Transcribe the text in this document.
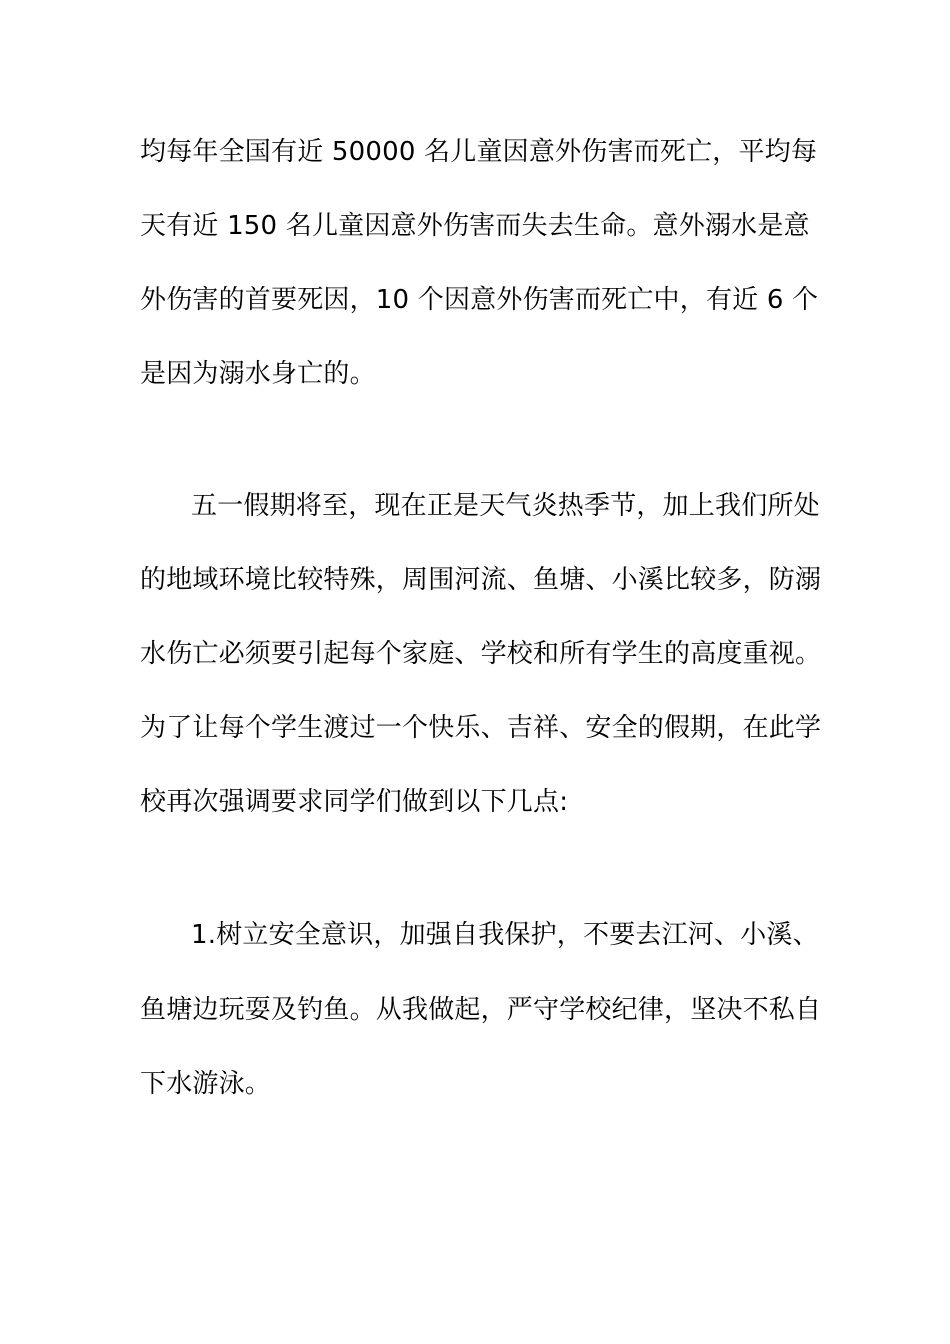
均每年全国有近 50000 名儿童因意外伤害而死亡，平均每
天有近 150 名儿童因意外伤害而失去生命。意外溺水是意
外伤害的首要死因，10 个因意外伤害而死亡中，有近 6 个
是因为溺水身亡的。
五一假期将至，现在正是天气炎热季节，加上我们所处
的地域环境比较特殊，周围河流、鱼塘、小溪比较多，防溺
水伤亡必须要引起每个家庭、学校和所有学生的高度重视。
为了让每个学生渡过一个快乐、吉祥、安全的假期，在此学
校再次强调要求同学们做到以下几点:
1.树立安全意识，加强自我保护，不要去江河、小溪、
鱼塘边玩耍及钓鱼。从我做起，严守学校纪律，坚决不私自
下水游泳。
